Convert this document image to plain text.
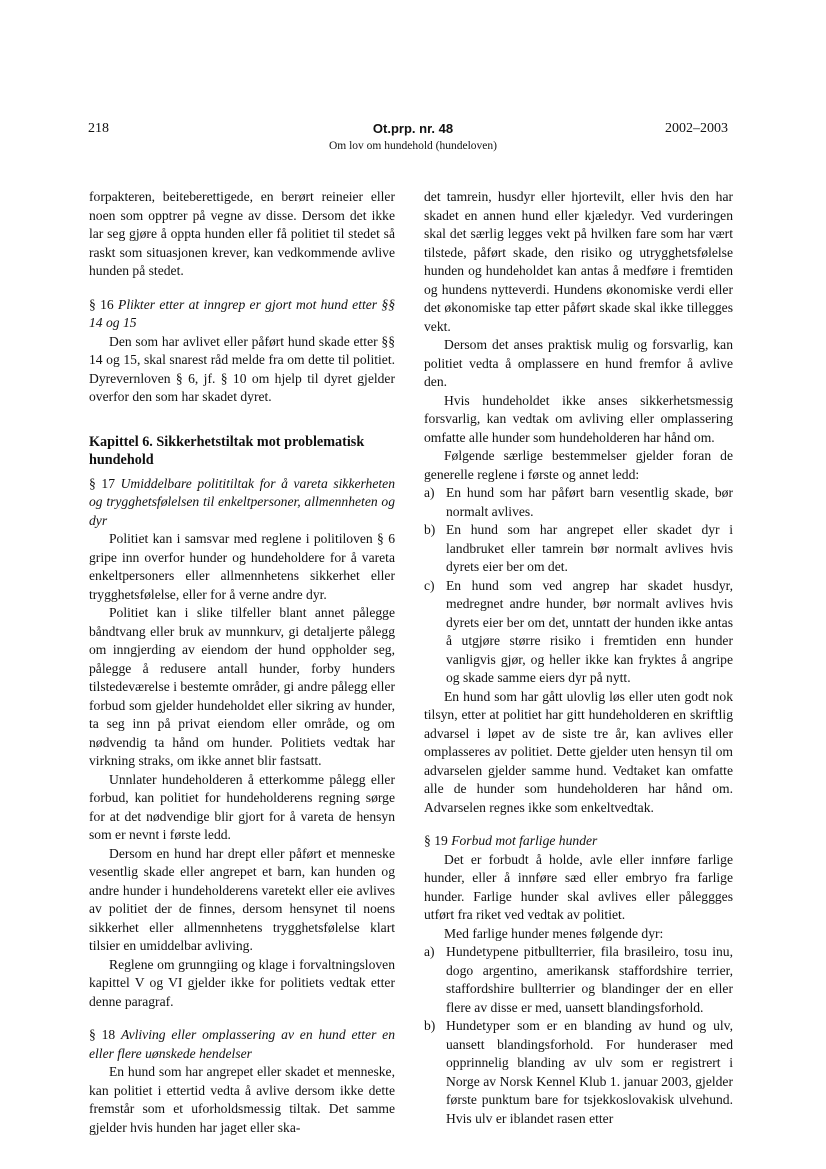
218	Ot.prp. nr. 48
Om lov om hundehold (hundeloven)
2002–2003

forpakteren, beiteberettigede, en berørt reineier eller noen som opptrer på vegne av disse. Dersom det ikke lar seg gjøre å oppta hunden eller få politiet til stedet så raskt som situasjonen krever, kan vedkommende avlive hunden på stedet.

§ 16 Plikter etter at inngrep er gjort mot hund etter §§ 14 og 15

Den som har avlivet eller påført hund skade etter §§ 14 og 15, skal snarest råd melde fra om dette til politiet. Dyrevernloven § 6, jf. § 10 om hjelp til dyret gjelder overfor den som har skadet dyret.

Kapittel 6. Sikkerhetstiltak mot problematisk hundehold

§ 17 Umiddelbare polititiltak for å vareta sikkerheten og trygghetsfølelsen til enkeltpersoner, allmennheten og dyr

Politiet kan i samsvar med reglene i politiloven § 6 gripe inn overfor hunder og hundeholdere for å vareta enkeltpersoners eller allmennhetens sikkerhet eller trygghetsfølelse, eller for å verne andre dyr.

Politiet kan i slike tilfeller blant annet pålegge båndtvang eller bruk av munnkurv, gi detaljerte pålegg om inngjerding av eiendom der hund oppholder seg, pålegge å redusere antall hunder, forby hunders tilstedeværelse i bestemte områder, gi andre pålegg eller forbud som gjelder hundeholdet eller sikring av hunder, ta seg inn på privat eiendom eller område, og om nødvendig ta hånd om hunder. Politiets vedtak har virkning straks, om ikke annet blir fastsatt.

Unnlater hundeholderen å etterkomme pålegg eller forbud, kan politiet for hundeholderens regning sørge for at det nødvendige blir gjort for å vareta de hensyn som er nevnt i første ledd.

Dersom en hund har drept eller påført et menneske vesentlig skade eller angrepet et barn, kan hunden og andre hunder i hundeholderens varetekt eller eie avlives av politiet der de finnes, dersom hensynet til noens sikkerhet eller allmennhetens trygghetsfølelse klart tilsier en umiddelbar avliving.

Reglene om grunngiing og klage i forvaltningsloven kapittel V og VI gjelder ikke for politiets vedtak etter denne paragraf.

§ 18 Avliving eller omplassering av en hund etter en eller flere uønskede hendelser

En hund som har angrepet eller skadet et menneske, kan politiet i ettertid vedta å avlive dersom ikke dette fremstår som et uforholdsmessig tiltak. Det samme gjelder hvis hunden har jaget eller ska-

det tamrein, husdyr eller hjortevilt, eller hvis den har skadet en annen hund eller kjæledyr. Ved vurderingen skal det særlig legges vekt på hvilken fare som har vært tilstede, påført skade, den risiko og utrygghetsfølelse hunden og hundeholdet kan antas å medføre i fremtiden og hundens nytteverdi. Hundens økonomiske verdi eller det økonomiske tap etter påført skade skal ikke tillegges vekt.

Dersom det anses praktisk mulig og forsvarlig, kan politiet vedta å omplassere en hund fremfor å avlive den.

Hvis hundeholdet ikke anses sikkerhetsmessig forsvarlig, kan vedtak om avliving eller omplassering omfatte alle hunder som hundeholderen har hånd om.

Følgende særlige bestemmelser gjelder foran de generelle reglene i første og annet ledd:

a) En hund som har påført barn vesentlig skade, bør normalt avlives.
b) En hund som har angrepet eller skadet dyr i landbruket eller tamrein bør normalt avlives hvis dyrets eier ber om det.
c) En hund som ved angrep har skadet husdyr, medregnet andre hunder, bør normalt avlives hvis dyrets eier ber om det, unntatt der hunden ikke antas å utgjøre større risiko i fremtiden enn hunder vanligvis gjør, og heller ikke kan fryktes å angripe og skade samme eiers dyr på nytt.

En hund som har gått ulovlig løs eller uten godt nok tilsyn, etter at politiet har gitt hundeholderen en skriftlig advarsel i løpet av de siste tre år, kan avlives eller omplasseres av politiet. Dette gjelder uten hensyn til om advarselen gjelder samme hund. Vedtaket kan omfatte alle de hunder som hundeholderen har hånd om. Advarselen regnes ikke som enkeltvedtak.

§ 19 Forbud mot farlige hunder

Det er forbudt å holde, avle eller innføre farlige hunder, eller å innføre sæd eller embryo fra farlige hunder. Farlige hunder skal avlives eller påleggges utført fra riket ved vedtak av politiet.

Med farlige hunder menes følgende dyr:

a) Hundetypene pitbullterrier, fila brasileiro, tosu inu, dogo argentino, amerikansk staffordshire terrier, staffordshire bullterrier og blandinger der en eller flere av disse er med, uansett blandingsforhold.
b) Hundetyper som er en blanding av hund og ulv, uansett blandingsforhold. For hunderaser med opprinnelig blanding av ulv som er registrert i Norge av Norsk Kennel Klub 1. januar 2003, gjelder første punktum bare for tsjekkoslovakisk ulvehund. Hvis ulv er iblandet rasen etter
